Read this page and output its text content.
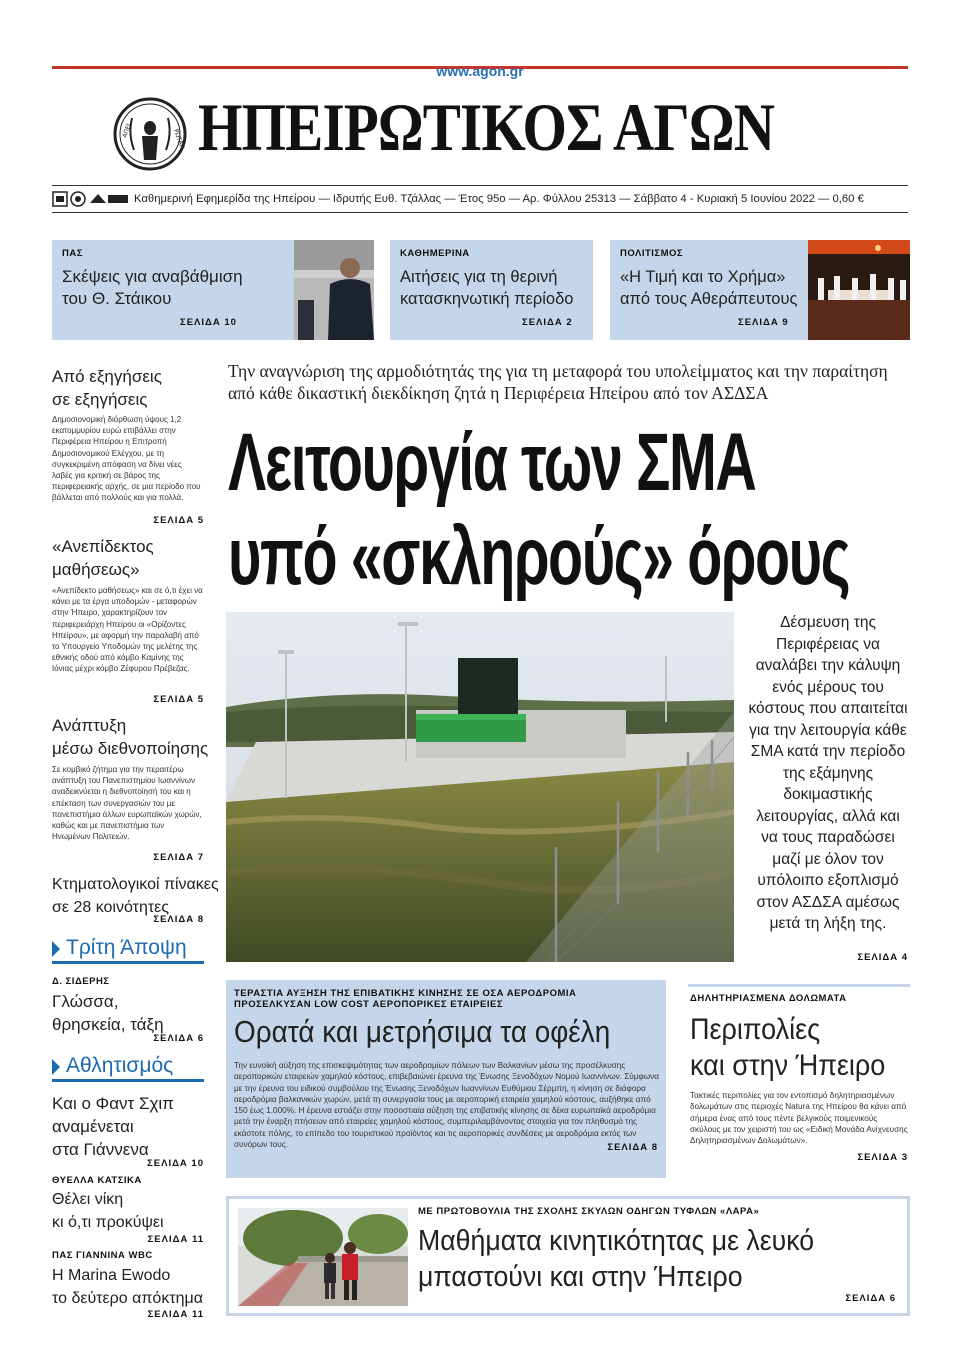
www.agon.gr
ΑΠΕΙ	ΡΩΤΑΝ ΗΠΕΙΡΩΤΙΚΟΣ ΑΓΩΝ
Καθημερινή Εφημερίδα της Ηπείρου — Ιδρυτής Ευθ. Τζάλλας — Έτος 95ο — Αρ. Φύλλου 25313 — Σάββατο 4 - Κυριακή 5 Ιουνίου 2022 — 0,60 €
ΠΑΣ
Σκέψεις για αναβάθμιση
του Θ. Στάικου
ΣΕΛΙΔΑ 10
ΚΑΘΗΜΕΡΙΝΑ
Αιτήσεις για τη θερινή
κατασκηνωτική περίοδο
ΣΕΛΙΔΑ 2
ΠΟΛΙΤΙΣΜΟΣ
«Η Τιμή και το Χρήμα»
από τους Αθεράπευτους
ΣΕΛΙΔΑ 9
Από εξηγήσεις
σε εξηγήσεις
Δημοσιονομική διόρθωση ύψους 1,2 εκατομμυρίου ευρώ επιβάλλει στην Περιφέρεια Ηπείρου η Επιτροπή Δημοσιονομικού Ελέγχου, με τη συγκεκριμένη απόφαση να δίνει νέες λαβές για κριτική σε βάρος της περιφερειακής αρχής, σε μια περίοδο που βάλλεται από πολλούς και για πολλά.
ΣΕΛΙΔΑ 5
«Ανεπίδεκτος
μαθήσεως»
«Ανεπίδεκτο μαθήσεως» και σε ό,τι έχει να κάνει με τα έργα υποδομών - μεταφορών στην Ήπειρο, χαρακτηρίζουν τον περιφερειάρχη Ηπείρου οι «Ορίζοντες Ηπείρου», με αφορμή την παραλαβή από το Υπουργείο Υποδομών της μελέτης της εθνικής οδού από κόμβο Καμίνης της Ιόνιας μέχρι κόμβο Ζέφυρου Πρέβεζας.
ΣΕΛΙΔΑ 5
Ανάπτυξη
μέσω διεθνοποίησης
Σε κομβικό ζήτημα για την περαιτέρω ανάπτυξη του Πανεπιστημίου Ιωαννίνων αναδεικνύεται η διεθνοποίησή του και η επέκταση των συνεργασιών του με πανεπιστήμια άλλων ευρωπαϊκών χωρών, καθώς και με πανεπιστήμια των Ηνωμένων Πολιτειών.
ΣΕΛΙΔΑ 7
Κτηματολογικοί πίνακες
σε 28 κοινότητες
ΣΕΛΙΔΑ 8
Τρίτη Άποψη
Δ. ΣΙΔΕΡΗΣ
Γλώσσα,
θρησκεία, τάξη
ΣΕΛΙΔΑ 6
Αθλητισμός
Και ο Φαντ Σχιπ
αναμένεται
στα Γιάννενα
ΣΕΛΙΔΑ 10
ΘΥΕΛΛΑ ΚΑΤΣΙΚΑ
Θέλει νίκη
κι ό,τι προκύψει
ΣΕΛΙΔΑ 11
ΠΑΣ ΓΙΑΝΝΙΝΑ WBC
Η Marina Ewodo
το δεύτερο απόκτημα
ΣΕΛΙΔΑ 11
Την αναγνώριση της αρμοδιότητάς της για τη μεταφορά του υπολείμματος και την παραίτηση από κάθε δικαστική διεκδίκηση ζητά η Περιφέρεια Ηπείρου από τον ΑΣΔΣΑ
Λειτουργία των ΣΜΑ
υπό «σκληρούς» όρους
Δέσμευση της Περιφέρειας να αναλάβει την κάλυψη ενός μέρους του κόστους που απαιτείται για την λειτουργία κάθε ΣΜΑ κατά την περίοδο της εξάμηνης δοκιμαστικής λειτουργίας, αλλά και να τους παραδώσει μαζί με όλον τον υπόλοιπο εξοπλισμό στον ΑΣΔΣΑ αμέσως μετά τη λήξη της.
ΣΕΛΙΔΑ 4
ΤΕΡΑΣΤΙΑ ΑΥΞΗΣΗ ΤΗΣ ΕΠΙΒΑΤΙΚΗΣ ΚΙΝΗΣΗΣ ΣΕ ΟΣΑ ΑΕΡΟΔΡΟΜΙΑ ΠΡΟΣΕΛΚΥΣΑΝ LOW COST ΑΕΡΟΠΟΡΙΚΕΣ ΕΤΑΙΡΕΙΕΣ
Ορατά και μετρήσιμα τα οφέλη
Την ευνοϊκή αύξηση της επισκεψιμότητας των αεροδρομίων πόλεων των Βαλκανίων μέσω της προσέλκυσης αεροπορικών εταιρειών χαμηλού κόστους, επιβεβαιώνει έρευνα της Ένωσης Ξενοδόχων Νομού Ιωαννίνων. Σύμφωνα με την έρευνα του ειδικού συμβούλου της Ένωσης Ξενοδόχων Ιωαννίνων Ευθύμιου Σέρμπη, η κίνηση σε διάφορα αεροδρόμια βαλκανικών χωρών, μετά τη συνεργασία τους με αεροπορική εταιρεία χαμηλού κόστους, αυξήθηκε από 150 έως 1.000%. Η έρευνα εστιάζει στην ποσοστιαία αύξηση της επιβατικής κίνησης σε δέκα ευρωπαϊκά αεροδρόμια μετά την έναρξη πτήσεων από εταιρείες χαμηλού κόστους, συμπεριλαμβάνοντας στοιχεία για τον πληθυσμό της εκάστοτε πόλης, το επίπεδο του τουριστικού προϊόντος και τις αεροπορικές συνδέσεις με αεροδρόμια εκτός των συνόρων τους.	ΣΕΛΙΔΑ 8
ΔΗΛΗΤΗΡΙΑΣΜΕΝΑ ΔΟΛΩΜΑΤΑ
Περιπολίες
και στην Ήπειρο
Τακτικές περιπολίες για τον εντοπισμό δηλητηριασμένων δολωμάτων στις περιοχές Natura της Ηπείρου θα κάνει από σήμερα ένας από τους πέντε βελγικούς ποιμενικούς σκύλους με τον χειριστή του ως «Ειδική Μονάδα Ανίχνευσης Δηλητηριασμένων Δολωμάτων».
ΣΕΛΙΔΑ 3
ΜΕ ΠΡΩΤΟΒΟΥΛΙΑ ΤΗΣ ΣΧΟΛΗΣ ΣΚΥΛΩΝ ΟΔΗΓΩΝ ΤΥΦΛΩΝ «ΛΑΡΑ»
Μαθήματα κινητικότητας με λευκό
μπαστούνι και στην Ήπειρο
ΣΕΛΙΔΑ 6
